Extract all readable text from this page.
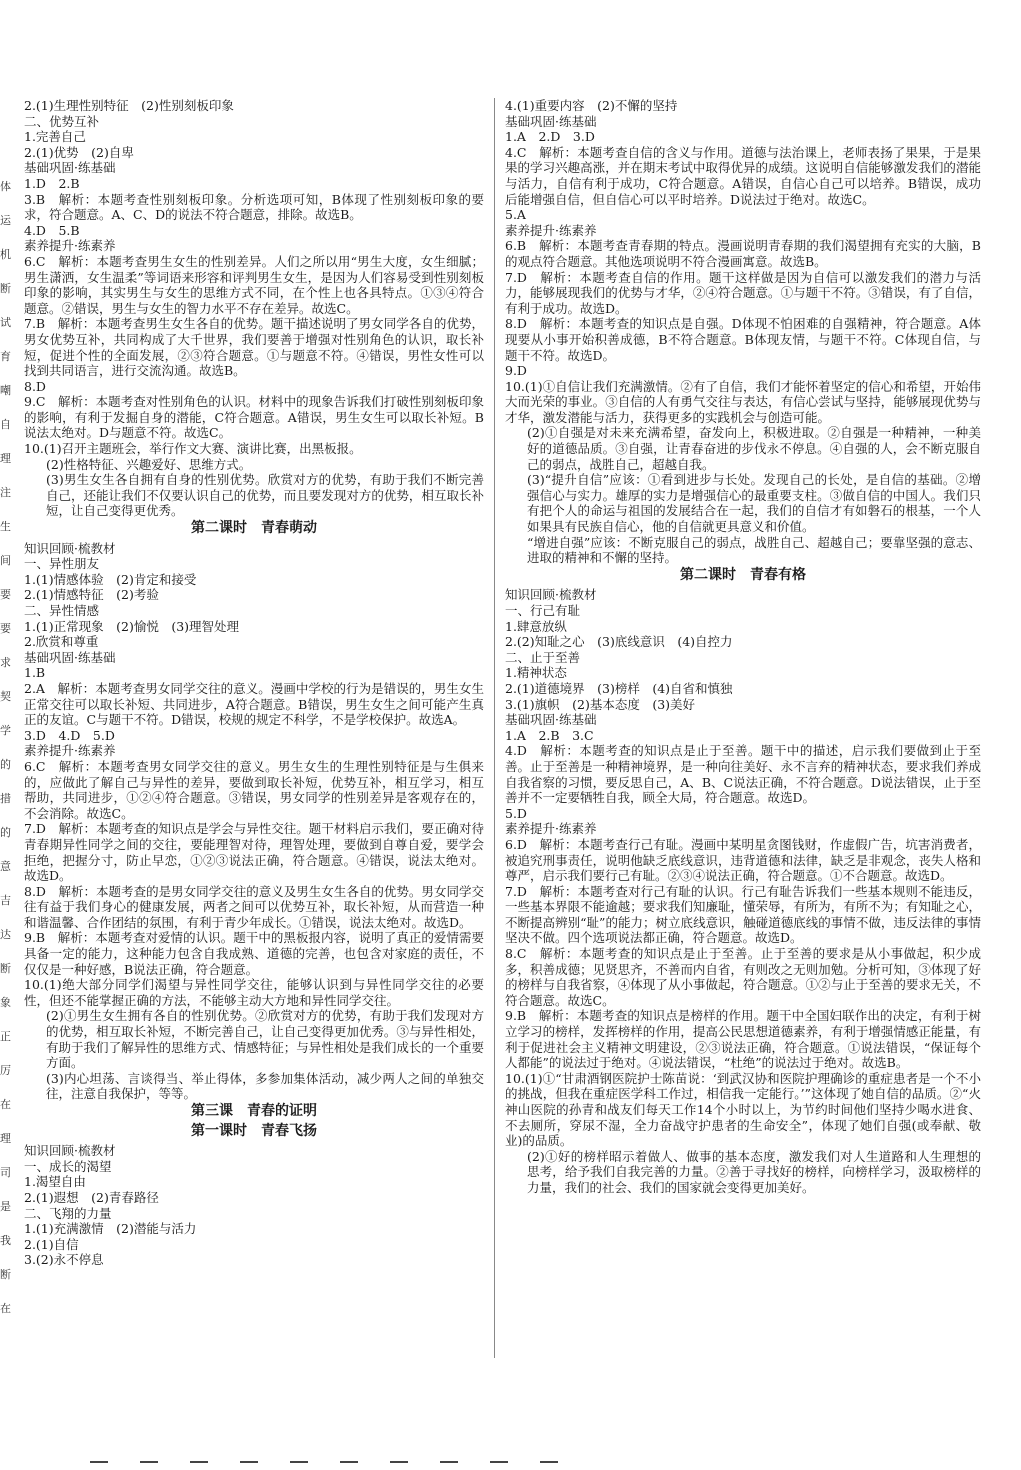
体
运
机
断
试
育
嘲
自
理
注
生
间
要
要
求
契
学
的
措
的
意
吉
达
断
象
正
厉
在
理
司
是
我
断
在

2.(1)生理性别特征　(2)性别刻板印象

二、优势互补

1.完善自己

2.(1)优势　(2)自卑

基础巩固·练基础

1.D　2.B

3.B　解析：本题考查性别刻板印象。分析选项可知，B体现了性别刻板印象的要求，符合题意。A、C、D的说法不符合题意，排除。故选B。

4.D　5.B

素养提升·练素养

6.C　解析：本题考查男生女生的性别差异。人们之所以用“男生大度，女生细腻；男生潇洒，女生温柔”等词语来形容和评判男生女生，是因为人们容易受到性别刻板印象的影响，其实男生与女生的思维方式不同，在个性上也各具特点。①③④符合题意。②错误，男生与女生的智力水平不存在差异。故选C。

7.B　解析：本题考查男生女生各自的优势。题干描述说明了男女同学各自的优势，男女优势互补，共同构成了大千世界，我们要善于增强对性别角色的认识，取长补短，促进个性的全面发展，②③符合题意。①与题意不符。④错误，男性女性可以找到共同语言，进行交流沟通。故选B。

8.D

9.C　解析：本题考查对性别角色的认识。材料中的现象告诉我们打破性别刻板印象的影响，有利于发掘自身的潜能，C符合题意。A错误，男生女生可以取长补短。B说法太绝对。D与题意不符。故选C。

10.(1)召开主题班会，举行作文大赛、演讲比赛，出黑板报。

(2)性格特征、兴趣爱好、思维方式。

(3)男生女生各自拥有自身的性别优势。欣赏对方的优势，有助于我们不断完善自己，还能让我们不仅要认识自己的优势，而且要发现对方的优势，相互取长补短，让自己变得更优秀。

第二课时　青春萌动

知识回顾·梳教材

一、异性朋友

1.(1)情感体验　(2)肯定和接受

2.(1)情感特征　(2)考验

二、异性情感

1.(1)正常现象　(2)愉悦　(3)理智处理

2.欣赏和尊重

基础巩固·练基础

1.B

2.A　解析：本题考查男女同学交往的意义。漫画中学校的行为是错误的，男生女生正常交往可以取长补短、共同进步，A符合题意。B错误，男生女生之间可能产生真正的友谊。C与题干不符。D错误，校规的规定不科学，不是学校保护。故选A。

3.D　4.D　5.D

素养提升·练素养

6.C　解析：本题考查男女同学交往的意义。男生女生的生理性别特征是与生俱来的，应做此了解自己与异性的差异，要做到取长补短，优势互补，相互学习，相互帮助，共同进步，①②④符合题意。③错误，男女同学的性别差异是客观存在的，不会消除。故选C。

7.D　解析：本题考查的知识点是学会与异性交往。题干材料启示我们，要正确对待青春期异性同学之间的交往，要能理智对待，理智处理，要做到自尊自爱，要学会拒绝，把握分寸，防止早恋，①②③说法正确，符合题意。④错误，说法太绝对。故选D。

8.D　解析：本题考查的是男女同学交往的意义及男生女生各自的优势。男女同学交往有益于我们身心的健康发展，两者之间可以优势互补，取长补短，从而营造一种和谐温馨、合作团结的氛围，有利于青少年成长。①错误，说法太绝对。故选D。

9.B　解析：本题考查对爱情的认识。题干中的黑板报内容，说明了真正的爱情需要具备一定的能力，这种能力包含自我成熟、道德的完善，也包含对家庭的责任，不仅仅是一种好感，B说法正确，符合题意。

10.(1)绝大部分同学们渴望与异性同学交往，能够认识到与异性同学交往的必要性，但还不能掌握正确的方法，不能够主动大方地和异性同学交往。

(2)①男生女生拥有各自的性别优势。②欣赏对方的优势，有助于我们发现对方的优势，相互取长补短，不断完善自己，让自己变得更加优秀。③与异性相处，有助于我们了解异性的思维方式、情感特征；与异性相处是我们成长的一个重要方面。

(3)内心坦荡、言谈得当、举止得体，多参加集体活动，减少两人之间的单独交往，注意自我保护，等等。

第三课　青春的证明
第一课时　青春飞扬

知识回顾·梳教材

一、成长的渴望

1.渴望自由

2.(1)遐想　(2)青春路径

二、飞翔的力量

1.(1)充满激情　(2)潜能与活力

2.(1)自信

3.(2)永不停息

4.(1)重要内容　(2)不懈的坚持

基础巩固·练基础

1.A　2.D　3.D

4.C　解析：本题考查自信的含义与作用。道德与法治课上，老师表扬了果果，于是果果的学习兴趣高涨，并在期末考试中取得优异的成绩。这说明自信能够激发我们的潜能与活力，自信有利于成功，C符合题意。A错误，自信心自己可以培养。B错误，成功后能增强自信，但自信心可以平时培养。D说法过于绝对。故选C。

5.A

素养提升·练素养

6.B　解析：本题考查青春期的特点。漫画说明青春期的我们渴望拥有充实的大脑，B的观点符合题意。其他选项说明不符合漫画寓意。故选B。

7.D　解析：本题考查自信的作用。题干这样做是因为自信可以激发我们的潜力与活力，能够展现我们的优势与才华，②④符合题意。①与题干不符。③错误，有了自信，有利于成功。故选D。

8.D　解析：本题考查的知识点是自强。D体现不怕困难的自强精神，符合题意。A体现要从小事开始积善成德，B不符合题意。B体现友情，与题干不符。C体现自信，与题干不符。故选D。

9.D

10.(1)①自信让我们充满激情。②有了自信，我们才能怀着坚定的信心和希望，开始伟大而光荣的事业。③自信的人有勇气交往与表达，有信心尝试与坚持，能够展现优势与才华，激发潜能与活力，获得更多的实践机会与创造可能。

(2)①自强是对未来充满希望，奋发向上，积极进取。②自强是一种精神，一种美好的道德品质。③自强，让青春奋进的步伐永不停息。④自强的人，会不断克服自己的弱点，战胜自己，超越自我。

(3)“提升自信”应该：①看到进步与长处。发现自己的长处，是自信的基础。②增强信心与实力。雄厚的实力是增强信心的最重要支柱。③做自信的中国人。我们只有把个人的命运与祖国的发展结合在一起，我们的自信才有如磐石的根基，一个人如果具有民族自信心，他的自信就更具意义和价值。

“增进自强”应该：不断克服自己的弱点，战胜自己、超越自己；要靠坚强的意志、进取的精神和不懈的坚持。

第二课时　青春有格

知识回顾·梳教材

一、行己有耻

1.肆意放纵

2.(2)知耻之心　(3)底线意识　(4)自控力

二、止于至善

1.精神状态

2.(1)道德境界　(3)榜样　(4)自省和慎独

3.(1)旗帜　(2)基本态度　(3)美好

基础巩固·练基础

1.A　2.B　3.C

4.D　解析：本题考查的知识点是止于至善。题干中的描述，启示我们要做到止于至善。止于至善是一种精神境界，是一种向往美好、永不言弃的精神状态，要求我们养成自我省察的习惯，要反思自己，A、B、C说法正确，不符合题意。D说法错误，止于至善并不一定要牺牲自我，顾全大局，符合题意。故选D。

5.D

素养提升·练素养

6.D　解析：本题考查行己有耻。漫画中某明星贪图钱财，作虚假广告，坑害消费者，被追究刑事责任，说明他缺乏底线意识，违背道德和法律，缺乏是非观念，丧失人格和尊严，启示我们要行己有耻。②③④说法正确，符合题意。①不合题意。故选D。

7.D　解析：本题考查对行己有耻的认识。行己有耻告诉我们一些基本规则不能违反，一些基本界限不能逾越；要求我们知廉耻，懂荣辱，有所为，有所不为；有知耻之心，不断提高辨别“耻”的能力；树立底线意识，触碰道德底线的事情不做，违反法律的事情坚决不做。四个选项说法都正确，符合题意。故选D。

8.C　解析：本题考查的知识点是止于至善。止于至善的要求是从小事做起，积少成多，积善成德；见贤思齐，不善而内自省，有则改之无则加勉。分析可知，③体现了好的榜样与自我省察，④体现了从小事做起，符合题意。①②与止于至善的要求无关，不符合题意。故选C。

9.B　解析：本题考查的知识点是榜样的作用。题干中全国妇联作出的决定，有利于树立学习的榜样，发挥榜样的作用，提高公民思想道德素养，有利于增强情感正能量，有利于促进社会主义精神文明建设，②③说法正确，符合题意。①说法错误，“保证每个人都能”的说法过于绝对。④说法错误，“杜绝”的说法过于绝对。故选B。

10.(1)①“甘肃酒钢医院护士陈苗说：‘到武汉协和医院护理确诊的重症患者是一个不小的挑战，但我在重症医学科工作过，相信我一定能行。’”这体现了她自信的品质。②“火神山医院的孙青和战友们每天工作14个小时以上，为节约时间他们坚持少喝水进食、不去厕所，穿尿不湿，全力奋战守护患者的生命安全”，体现了她们自强(或奉献、敬业)的品质。

(2)①好的榜样昭示着做人、做事的基本态度，激发我们对人生道路和人生理想的思考，给予我们自我完善的力量。②善于寻找好的榜样，向榜样学习，汲取榜样的力量，我们的社会、我们的国家就会变得更加美好。
